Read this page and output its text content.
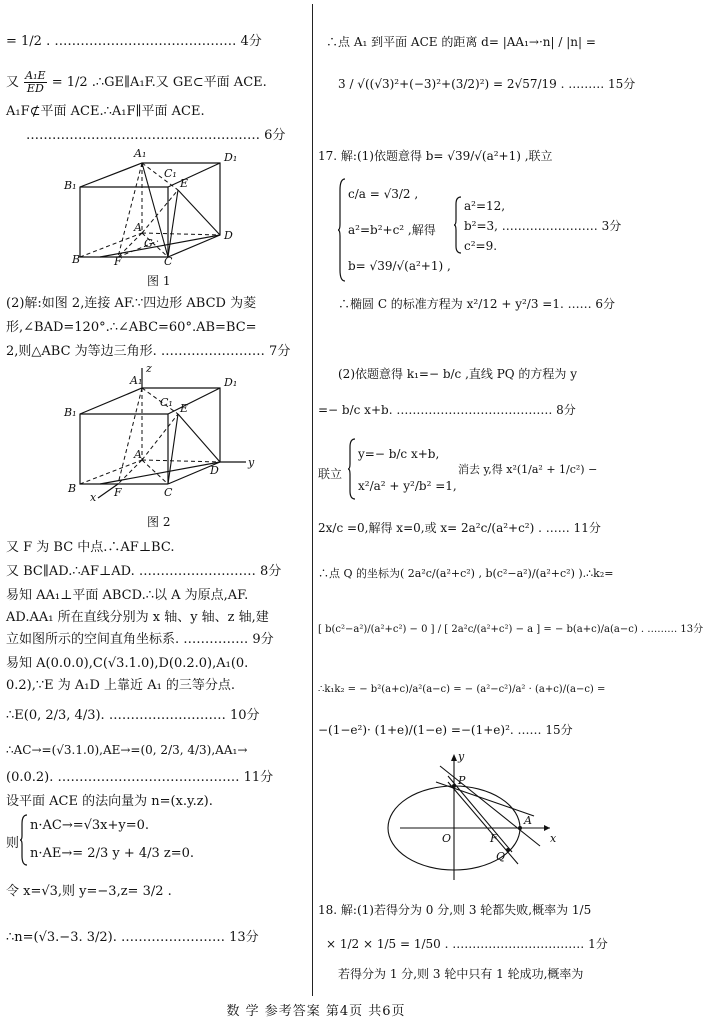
= 1/2 . …………………………………… 4分
又 $\frac{\text{A₁E}}{ED} = 1/2$ .∴GE∥A₁F.又 GE⊂平面 ACE.
A₁F⊄平面 ACE.∴A₁F∥平面 ACE.
……………………………………………… 6分
A₁	D₁
B₁
C₁
E
A
G
D
B	F	C
图 1
(2)解:如图 2,连接 AF.∵四边形 ABCD 为菱
形,∠BAD=120°.∴∠ABC=60°.AB=BC=
2,则△ABC 为等边三角形. …………………… 7分
z
A₁	D₁
B₁
C₁ E
A
D
y
B	F	C
x
图 2
又 F 为 BC 中点.∴AF⊥BC.
又 BC∥AD.∴AF⊥AD. ……………………… 8分
易知 AA₁⊥平面 ABCD.∴以 A 为原点,AF.
AD.AA₁ 所在直线分别为 x 轴、y 轴、z 轴,建
立如图所示的空间直角坐标系. …………… 9分
易知 A(0.0.0),C(√3.1.0),D(0.2.0),A₁(0.
0.2),∵E 为 A₁D 上靠近 A₁ 的三等分点.
∴E(0, 2/3, 4/3). ……………………… 10分
∴AC→=(√3.1.0),AE→=(0, 2/3, 4/3),AA₁→
(0.0.2). …………………………………… 11分
设平面 ACE 的法向量为 n=(x.y.z).
则
n·AC→=√3x+y=0.
n·AE→= 2/3 y + 4/3 z=0.
令 x=√3,则 y=−3,z= 3/2 .
∴n=(√3.−3. 3/2). …………………… 13分
∴点 A₁ 到平面 ACE 的距离 d= |AA₁→·n| / |n| =
3 / √((√3)²+(−3)²+(3/2)²) = 2√57/19 . ……… 15分
17. 解:(1)依题意得 b= √39/√(a²+1) ,联立
c/a = √3/2 ,
a²=b²+c² ,解得
b= √39/√(a²+1) ,
a²=12,
b²=3, …………………… 3分
c²=9.
∴椭圆 C 的标准方程为 x²/12 + y²/3 =1. …… 6分
(2)依题意得 k₁=− b/c ,直线 PQ 的方程为 y
=− b/c x+b. ………………………………… 8分
联立
y=− b/c x+b,
x²/a² + y²/b² =1,
消去 y,得 x²(1/a² + 1/c²) −
2x/c =0,解得 x=0,或 x= 2a²c/(a²+c²) . …… 11分
∴点 Q 的坐标为( 2a²c/(a²+c²) , b(c²−a²)/(a²+c²) ).∴k₂=
[ b(c²−a²)/(a²+c²) − 0 ] / [ 2a²c/(a²+c²) − a ] = − b(a+c)/a(a−c) . ……… 13分
∴k₁k₂ = − b²(a+c)/a²(a−c) = − (a²−c²)/a² · (a+c)/(a−c) =
−(1−e²)· (1+e)/(1−e) =−(1+e)². …… 15分
y
x
O	F
P
A
Q
18. 解:(1)若得分为 0 分,则 3 轮都失败,概率为 1/5
× 1/2 × 1/5 = 1/50 . …………………………… 1分
若得分为 1 分,则 3 轮中只有 1 轮成功,概率为
数 学 参考答案 第4页 共6页
